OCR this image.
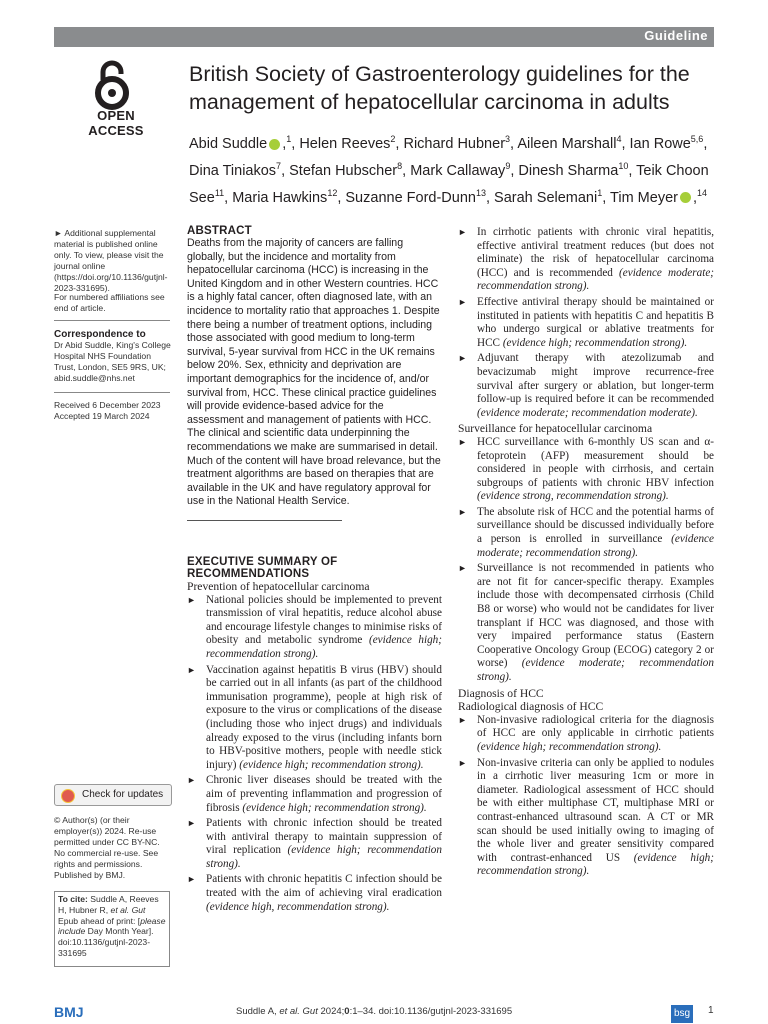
Guideline
OPEN ACCESS
British Society of Gastroenterology guidelines for the management of hepatocellular carcinoma in adults
Abid Suddle ,$^1$, Helen Reeves$^2$, Richard Hubner$^3$, Aileen Marshall$^4$, Ian Rowe$^{5,6}$, Dina Tiniakos$^7$, Stefan Hubscher$^8$, Mark Callaway$^9$, Dinesh Sharma$^{10}$, Teik Choon See$^{11}$, Maria Hawkins$^{12}$, Suzanne Ford-Dunn$^{13}$, Sarah Selemani$^1$, Tim Meyer ,$^{14}$
► Additional supplemental material is published online only. To view, please visit the journal online (https://doi.org/10.1136/gutjnl-2023-331695).
For numbered affiliations see end of article.
Correspondence to
Dr Abid Suddle, King's College Hospital NHS Foundation Trust, London, SE5 9RS, UK; abid.suddle@nhs.net
Received 6 December 2023
Accepted 19 March 2024
Check for updates
© Author(s) (or their employer(s)) 2024. Re-use permitted under CC BY-NC. No commercial re-use. See rights and permissions. Published by BMJ.
To cite: Suddle A, Reeves H, Hubner R, et al. Gut Epub ahead of print: [please include Day Month Year]. doi:10.1136/gutjnl-2023-331695
ABSTRACT
Deaths from the majority of cancers are falling globally, but the incidence and mortality from hepatocellular carcinoma (HCC) is increasing in the United Kingdom and in other Western countries. HCC is a highly fatal cancer, often diagnosed late, with an incidence to mortality ratio that approaches 1. Despite there being a number of treatment options, including those associated with good medium to long-term survival, 5-year survival from HCC in the UK remains below 20%. Sex, ethnicity and deprivation are important demographics for the incidence of, and/or survival from, HCC. These clinical practice guidelines will provide evidence-based advice for the assessment and management of patients with HCC. The clinical and scientific data underpinning the recommendations we make are summarised in detail. Much of the content will have broad relevance, but the treatment algorithms are based on therapies that are available in the UK and have regulatory approval for use in the National Health Service.
EXECUTIVE SUMMARY OF RECOMMENDATIONS
Prevention of hepatocellular carcinoma
► National policies should be implemented to prevent transmission of viral hepatitis, reduce alcohol abuse and encourage lifestyle changes to minimise risks of obesity and metabolic syndrome (evidence high; recommendation strong).
► Vaccination against hepatitis B virus (HBV) should be carried out in all infants (as part of the childhood immunisation programme), people at high risk of exposure to the virus or complications of the disease (including those who inject drugs) and individuals already exposed to the virus (including infants born to HBV-positive mothers, people with needle stick injury) (evidence high; recommendation strong).
► Chronic liver diseases should be treated with the aim of preventing inflammation and progression of fibrosis (evidence high; recommendation strong).
► Patients with chronic infection should be treated with antiviral therapy to maintain suppression of viral replication (evidence high; recommendation strong).
► Patients with chronic hepatitis C infection should be treated with the aim of achieving viral eradication (evidence high, recommendation strong).
► In cirrhotic patients with chronic viral hepatitis, effective antiviral treatment reduces (but does not eliminate) the risk of hepatocellular carcinoma (HCC) and is recommended (evidence moderate; recommendation strong).
► Effective antiviral therapy should be maintained or instituted in patients with hepatitis C and hepatitis B who undergo surgical or ablative treatments for HCC (evidence high; recommendation strong).
► Adjuvant therapy with atezolizumab and bevacizumab might improve recurrence-free survival after surgery or ablation, but longer-term follow-up is required before it can be recommended (evidence moderate; recommendation moderate).
Surveillance for hepatocellular carcinoma
► HCC surveillance with 6-monthly US scan and α-fetoprotein (AFP) measurement should be considered in people with cirrhosis, and certain subgroups of patients with chronic HBV infection (evidence strong, recommendation strong).
► The absolute risk of HCC and the potential harms of surveillance should be discussed individually before a person is enrolled in surveillance (evidence moderate; recommendation strong).
► Surveillance is not recommended in patients who are not fit for cancer-specific therapy. Examples include those with decompensated cirrhosis (Child B8 or worse) who would not be candidates for liver transplant if HCC was diagnosed, and those with very impaired performance status (Eastern Cooperative Oncology Group (ECOG) category 2 or worse) (evidence moderate; recommendation strong).
Diagnosis of HCC
Radiological diagnosis of HCC
► Non-invasive radiological criteria for the diagnosis of HCC are only applicable in cirrhotic patients (evidence high; recommendation strong).
► Non-invasive criteria can only be applied to nodules in a cirrhotic liver measuring 1cm or more in diameter. Radiological assessment of HCC should be with either multiphase CT, multiphase MRI or contrast-enhanced ultrasound scan. A CT or MR scan should be used initially owing to imaging of the whole liver and greater sensitivity compared with contrast-enhanced US (evidence high; recommendation strong).
BMJ	Suddle A, et al. Gut 2024;0:1–34. doi:10.1136/gutjnl-2023-331695	bsg 1
